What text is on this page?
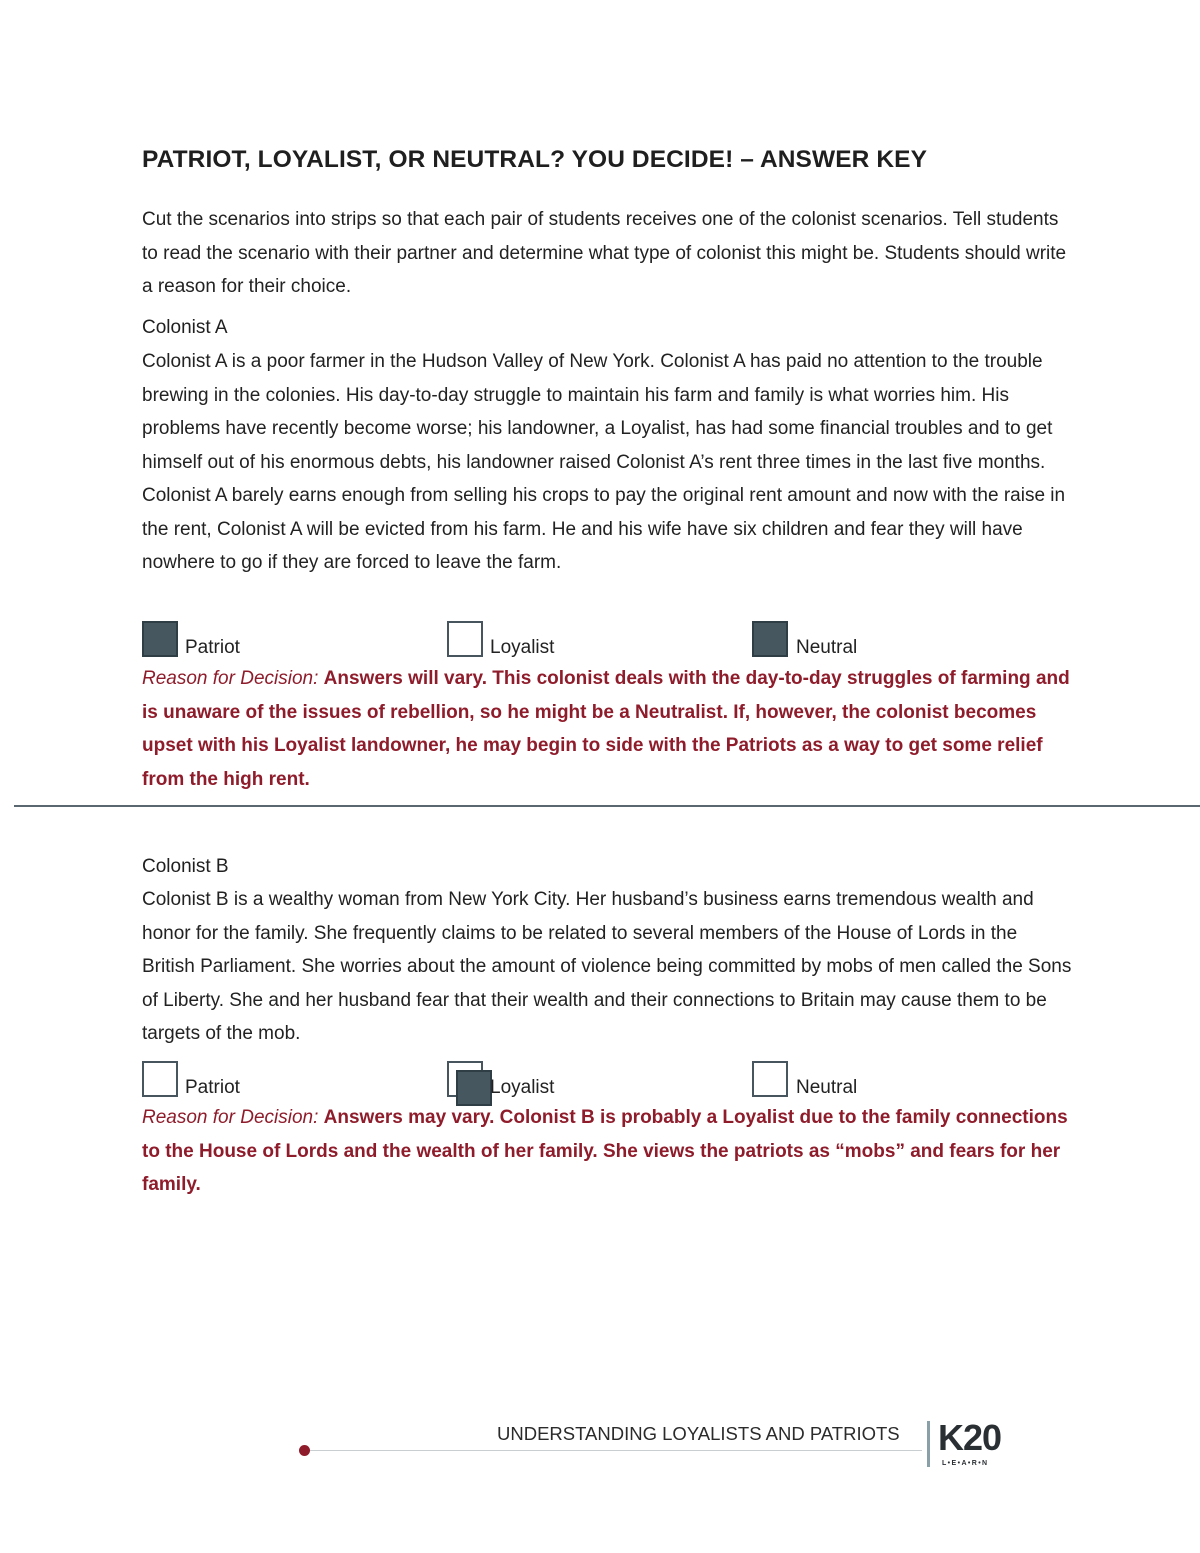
PATRIOT, LOYALIST, OR NEUTRAL? YOU DECIDE! – ANSWER KEY
Cut the scenarios into strips so that each pair of students receives one of the colonist scenarios. Tell students to read the scenario with their partner and determine what type of colonist this might be. Students should write a reason for their choice.
Colonist A
Colonist A is a poor farmer in the Hudson Valley of New York. Colonist A has paid no attention to the trouble brewing in the colonies. His day-to-day struggle to maintain his farm and family is what worries him. His problems have recently become worse; his landowner, a Loyalist, has had some financial troubles and to get himself out of his enormous debts, his landowner raised Colonist A’s rent three times in the last five months. Colonist A barely earns enough from selling his crops to pay the original rent amount and now with the raise in the rent, Colonist A will be evicted from his farm. He and his wife have six children and fear they will have nowhere to go if they are forced to leave the farm.
Patriot	Loyalist	Neutral
Reason for Decision: Answers will vary. This colonist deals with the day-to-day struggles of farming and is unaware of the issues of rebellion, so he might be a Neutralist. If, however, the colonist becomes upset with his Loyalist landowner, he may begin to side with the Patriots as a way to get some relief from the high rent.
Colonist B
Colonist B is a wealthy woman from New York City. Her husband’s business earns tremendous wealth and honor for the family. She frequently claims to be related to several members of the House of Lords in the British Parliament. She worries about the amount of violence being committed by mobs of men called the Sons of Liberty. She and her husband fear that their wealth and their connections to Britain may cause them to be targets of the mob.
Patriot	Loyalist	Neutral
Reason for Decision: Answers may vary. Colonist B is probably a Loyalist due to the family connections to the House of Lords and the wealth of her family. She views the patriots as “mobs” and fears for her family.
UNDERSTANDING LOYALISTS AND PATRIOTS K20
L•E•A•R•N
